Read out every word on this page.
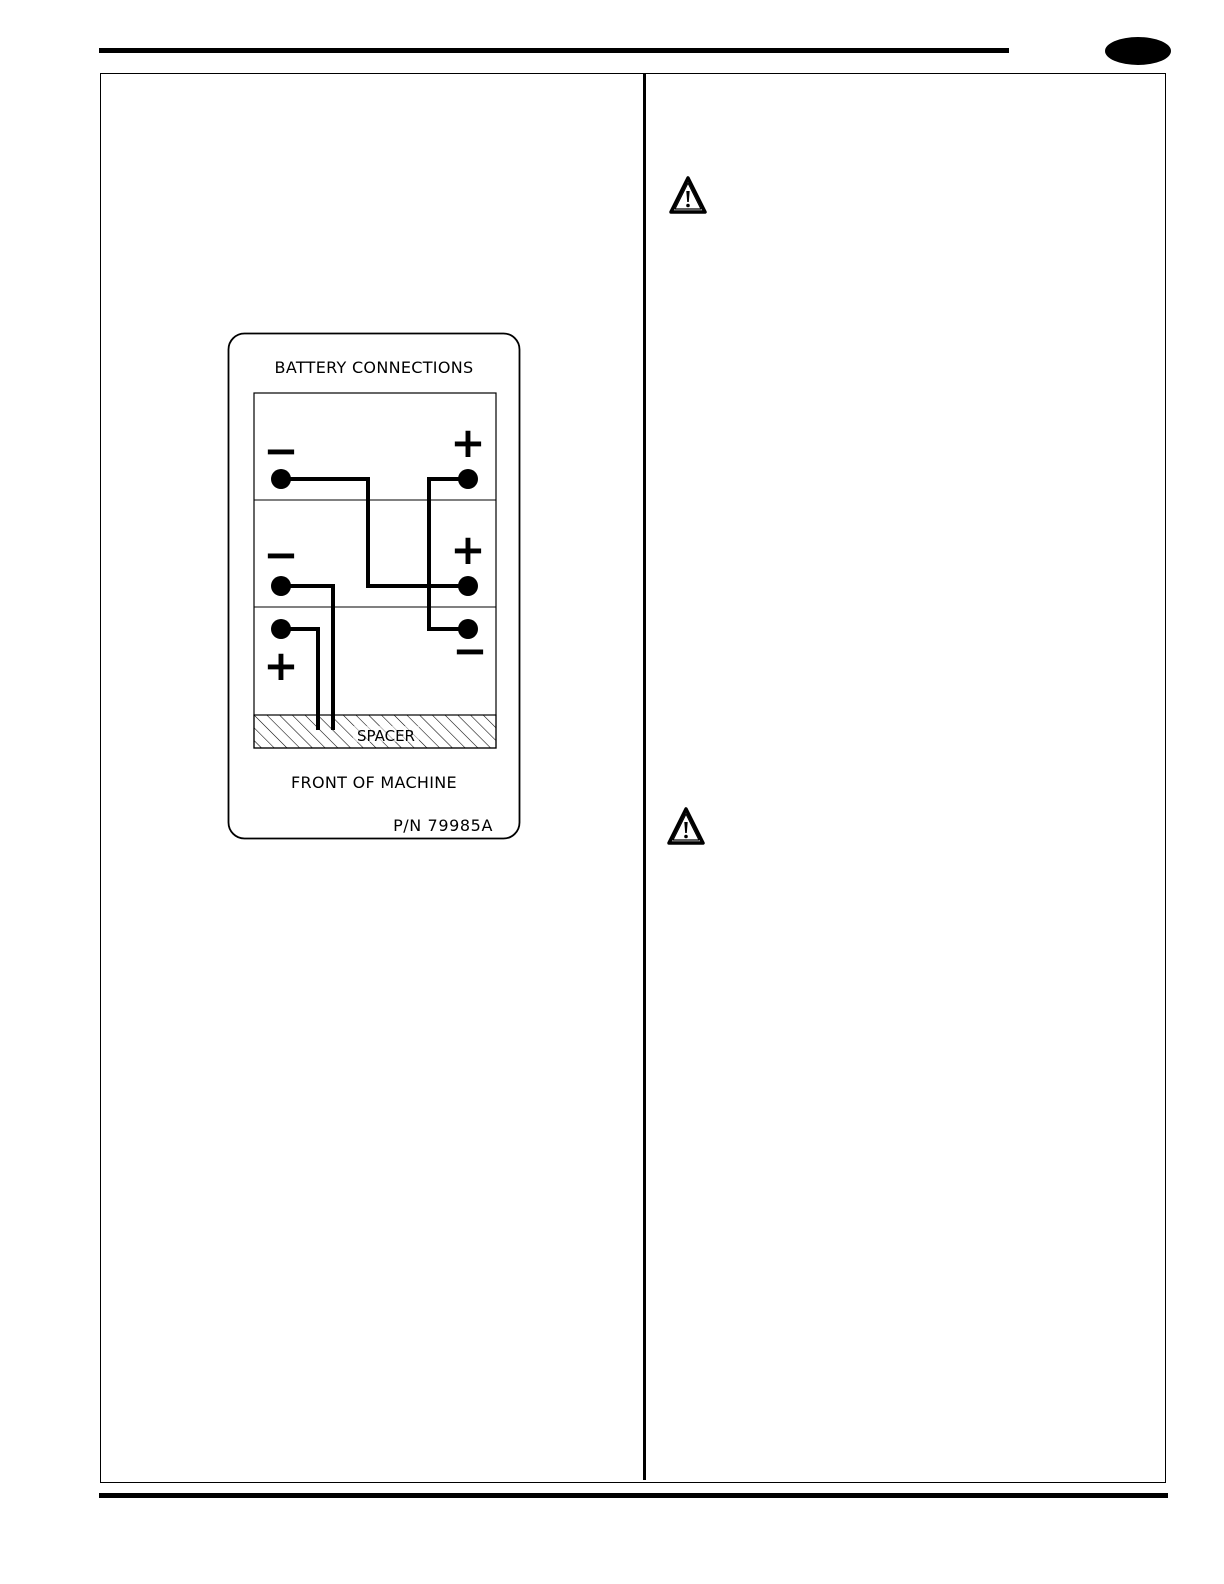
BATTERY CONNECTIONS
SPACER
−	+
−	+
+	−
FRONT OF MACHINE
P/N 79985A
